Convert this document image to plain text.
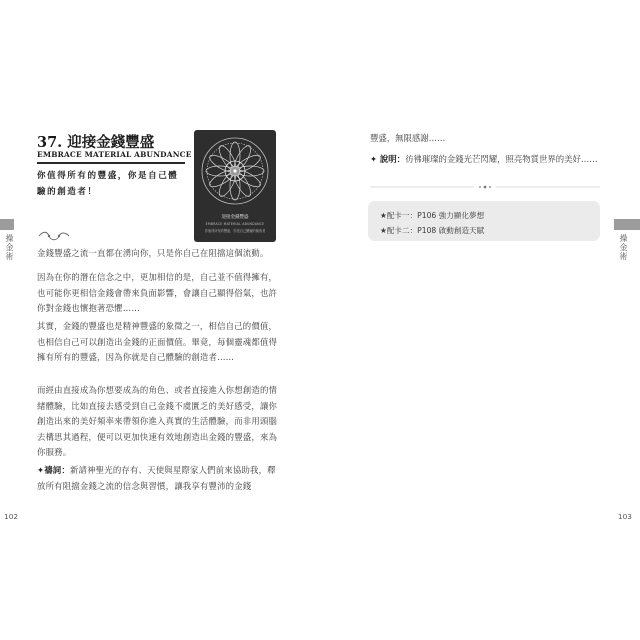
操金術
37. 迎接金錢豐盛
EMBRACE MATERIAL ABUNDANCE
你值得所有的豐盛，你是自己體驗的創造者！
迎接金錢豐盛
EMBRACE MATERIAL ABUNDANCE
你值得所有的豐盛，你是自己體驗的創造者

金錢豐盛之流一直都在湧向你，只是你自己在阻擋這個流動。

因為在你的潛在信念之中，更加相信的是，自己並不值得擁有，也可能你更相信金錢會帶來負面影響，會讓自己顯得俗氣，也許你對金錢也懷抱著恐懼……

其實，金錢的豐盛也是精神豐盛的象徵之一，相信自己的價值，也相信自己可以創造出金錢的正面價值。畢竟，每個靈魂都值得擁有所有的豐盛，因為你就是自己體驗的創造者……

而經由直接成為你想要成為的角色、或者直接進入你想創造的情緒體驗，比如直接去感受到自己金錢不虞匱乏的美好感受，讓你創造出來的美好頻率來帶領你進入真實的生活體驗，而非用頭腦去構思其過程，便可以更加快速有效地創造出金錢的豐盛，來為你服務。

✦禱詞：新請神聖光的存有、天使與星際家人們前來協助我，釋放所有阻擋金錢之流的信念與習慣，讓我享有豐沛的金錢

102
操金術
豐盛，無限感謝……
✦ 說明：彷彿璀璨的金錢光芒閃耀，照亮物質世界的美好……
103
★配卡一：P106 強力顯化夢想
★配卡二：P108 啟動創造天賦
